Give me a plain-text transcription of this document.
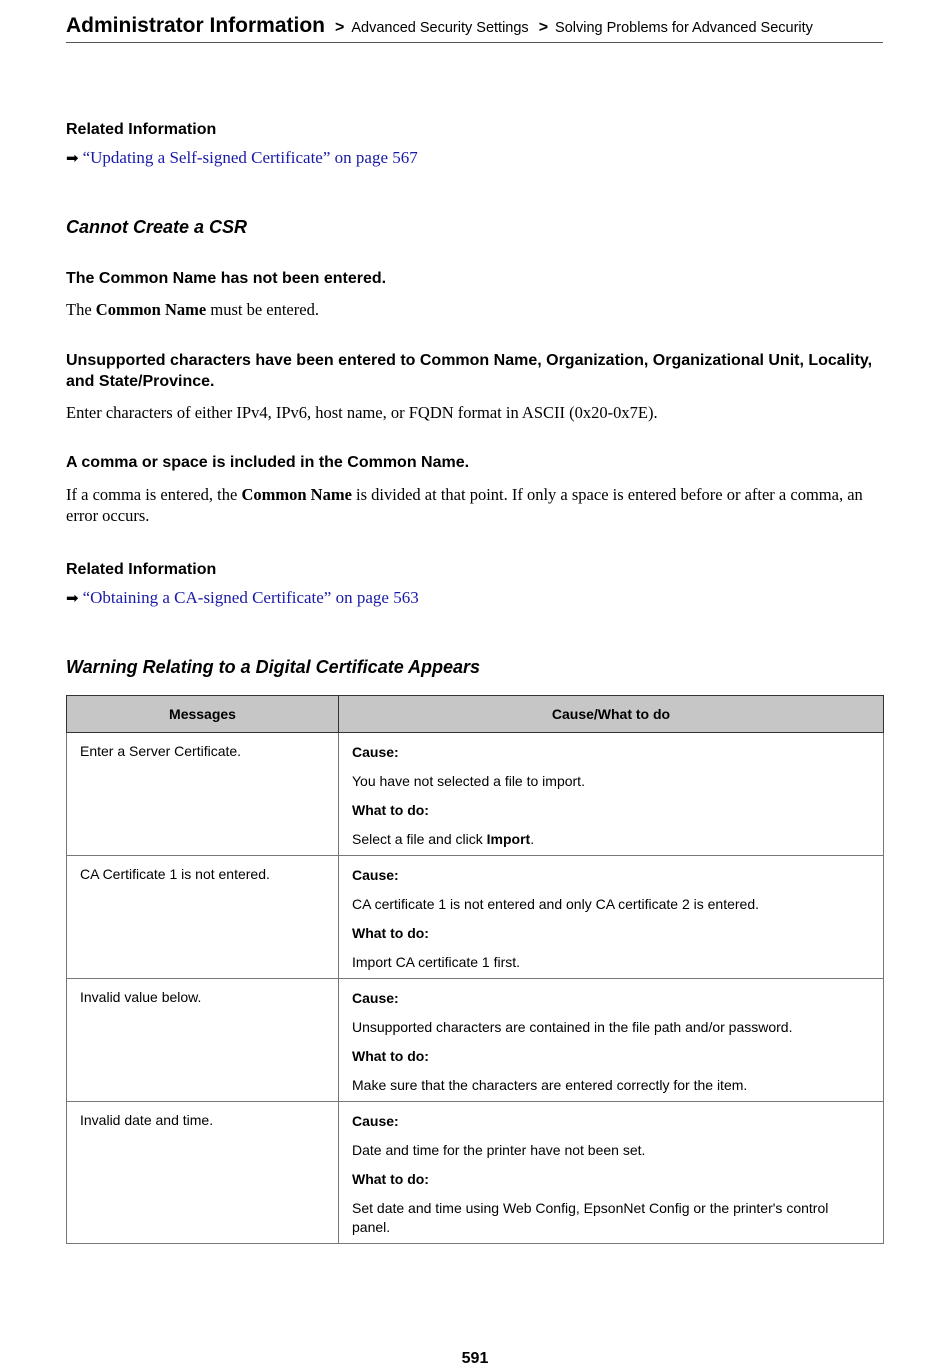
Administrator Information > Advanced Security Settings > Solving Problems for Advanced Security
Related Information
➡ “Updating a Self-signed Certificate” on page 567
Cannot Create a CSR
The Common Name has not been entered.
The Common Name must be entered.
Unsupported characters have been entered to Common Name, Organization, Organizational Unit, Locality, and State/Province.
Enter characters of either IPv4, IPv6, host name, or FQDN format in ASCII (0x20-0x7E).
A comma or space is included in the Common Name.
If a comma is entered, the Common Name is divided at that point. If only a space is entered before or after a comma, an error occurs.
Related Information
➡ “Obtaining a CA-signed Certificate” on page 563
Warning Relating to a Digital Certificate Appears
Messages	Cause/What to do
Enter a Server Certificate.	Cause:
You have not selected a file to import.
What to do:
Select a file and click Import.

CA Certificate 1 is not entered.	Cause:
CA certificate 1 is not entered and only CA certificate 2 is entered.
What to do:
Import CA certificate 1 first.

Invalid value below.	Cause:
Unsupported characters are contained in the file path and/or password.
What to do:
Make sure that the characters are entered correctly for the item.

Invalid date and time.	Cause:
Date and time for the printer have not been set.
What to do:
Set date and time using Web Config, EpsonNet Config or the printer's control panel.
591
